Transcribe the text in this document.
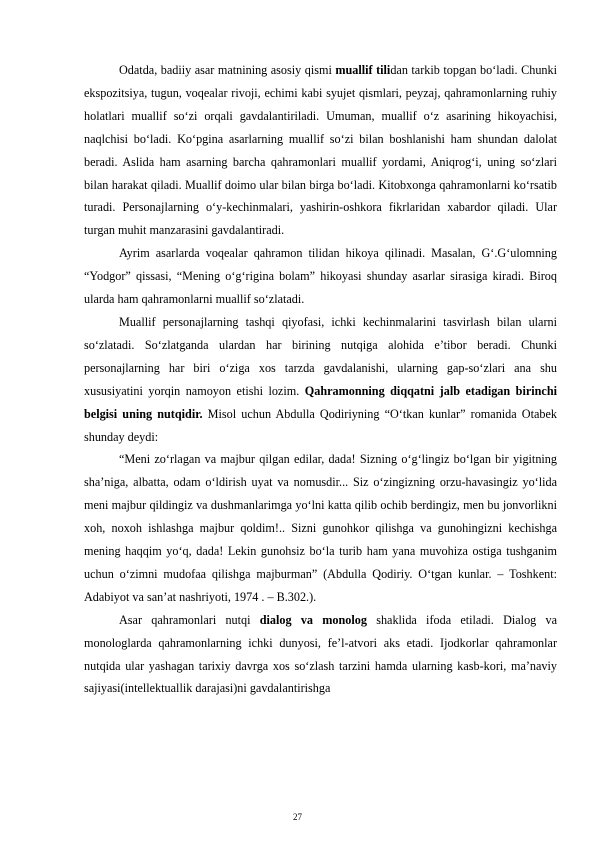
Odatda, badiiy asar matnining asosiy qismi muallif tilidan tarkib topgan bo‘ladi. Chunki ekspozitsiya, tugun, voqealar rivoji, echimi kabi syujet qismlari, peyzaj, qahramonlarning ruhiy holatlari muallif so‘zi orqali gavdalantiriladi. Umuman, muallif o‘z asarining hikoyachisi, naqlchisi bo‘ladi. Ko‘pgina asarlarning muallif so‘zi bilan boshlanishi ham shundan dalolat beradi. Aslida ham asarning barcha qahramonlari muallif yordami, Aniqrog‘i, uning so‘zlari bilan harakat qiladi. Muallif doimo ular bilan birga bo‘ladi. Kitobxonga qahramonlarni ko‘rsatib turadi. Personajlarning o‘y-kechinmalari, yashirin-oshkora fikrlaridan xabardor qiladi. Ular turgan muhit manzarasini gavdalantiradi.

Ayrim asarlarda voqealar qahramon tilidan hikoya qilinadi. Masalan, G‘.G‘ulomning “Yodgor” qissasi, “Mening o‘g‘rigina bolam” hikoyasi shunday asarlar sirasiga kiradi. Biroq ularda ham qahramonlarni muallif so‘zlatadi.

Muallif personajlarning tashqi qiyofasi, ichki kechinmalarini tasvirlash bilan ularni so‘zlatadi. So‘zlatganda ulardan har birining nutqiga alohida e’tibor beradi. Chunki personajlarning har biri o‘ziga xos tarzda gavdalanishi, ularning gap-so‘zlari ana shu xususiyatini yorqin namoyon etishi lozim. Qahramonning diqqatni jalb etadigan birinchi belgisi uning nutqidir. Misol uchun Abdulla Qodiriyning “O‘tkan kunlar” romanida Otabek shunday deydi:

“Meni zo‘rlagan va majbur qilgan edilar, dada! Sizning o‘g‘lingiz bo‘lgan bir yigitning sha’niga, albatta, odam o‘ldirish uyat va nomusdir... Siz o‘zingizning orzu-havasingiz yo‘lida meni majbur qildingiz va dushmanlarimga yo‘lni katta qilib ochib berdingiz, men bu jonvorlikni xoh, noxoh ishlashga majbur qoldim!.. Sizni gunohkor qilishga va gunohingizni kechishga mening haqqim yo‘q, dada! Lekin gunohsiz bo‘la turib ham yana muvohiza ostiga tushganim uchun o‘zimni mudofaa qilishga majburman” (Abdulla Qodiriy. O‘tgan kunlar. – Toshkent: Adabiyot va san’at nashriyoti, 1974 . – B.302.).

Asar qahramonlari nutqi dialog va monolog shaklida ifoda etiladi. Dialog va monologlarda qahramonlarning ichki dunyosi, fe’l-atvori aks etadi. Ijodkorlar qahramonlar nutqida ular yashagan tarixiy davrga xos so‘zlash tarzini hamda ularning kasb-kori, ma’naviy sajiyasi(intellektuallik darajasi)ni gavdalantirishga

27
